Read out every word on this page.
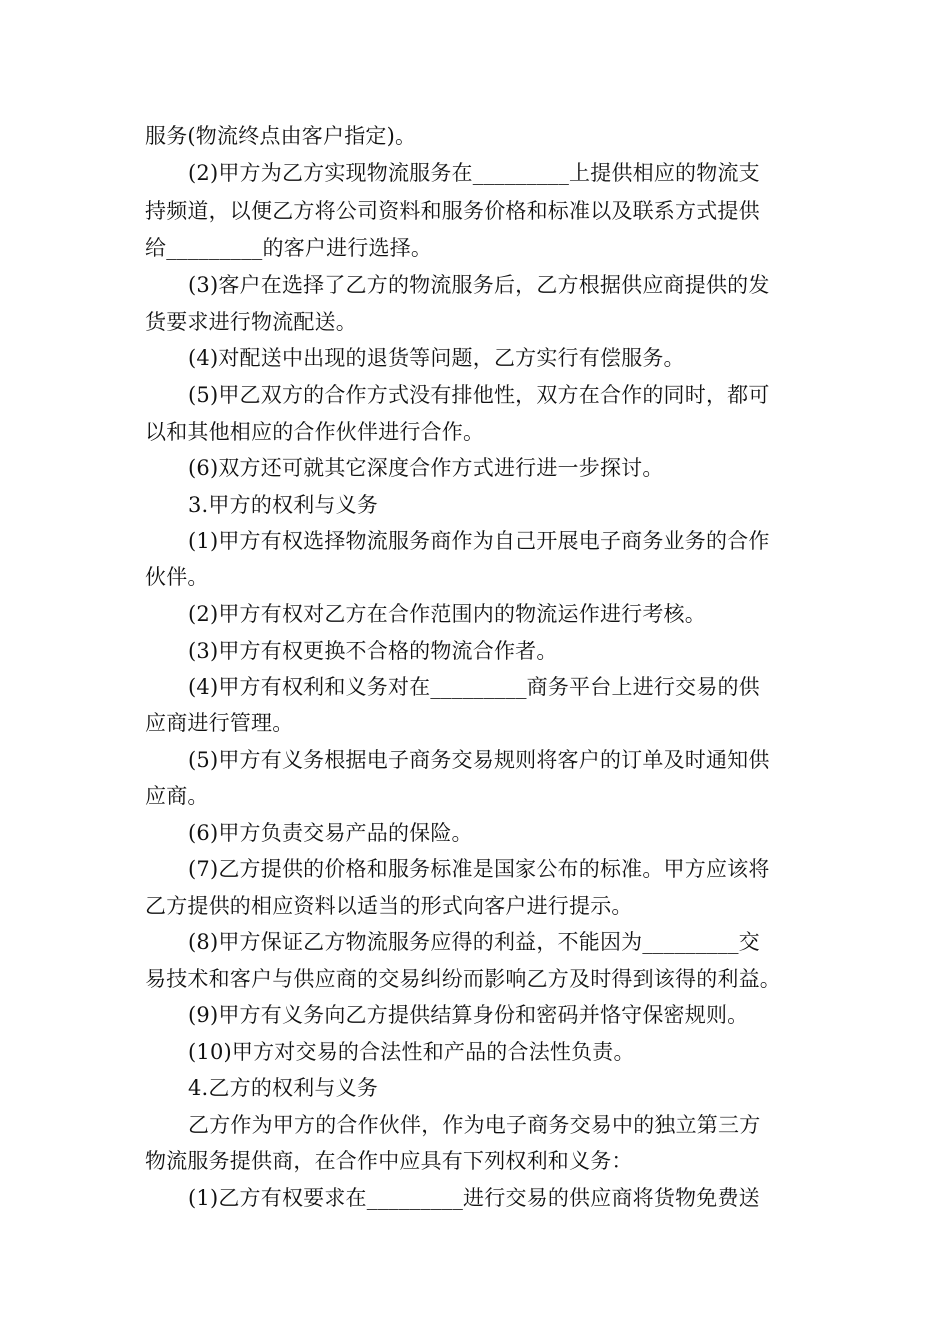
服务(物流终点由客户指定)。
(2)甲方为乙方实现物流服务在_________上提供相应的物流支
持频道，以便乙方将公司资料和服务价格和标准以及联系方式提供
给_________的客户进行选择。
(3)客户在选择了乙方的物流服务后，乙方根据供应商提供的发
货要求进行物流配送。
(4)对配送中出现的退货等问题，乙方实行有偿服务。
(5)甲乙双方的合作方式没有排他性，双方在合作的同时，都可
以和其他相应的合作伙伴进行合作。
(6)双方还可就其它深度合作方式进行进一步探讨。
3.甲方的权利与义务
(1)甲方有权选择物流服务商作为自己开展电子商务业务的合作
伙伴。
(2)甲方有权对乙方在合作范围内的物流运作进行考核。
(3)甲方有权更换不合格的物流合作者。
(4)甲方有权利和义务对在_________商务平台上进行交易的供
应商进行管理。
(5)甲方有义务根据电子商务交易规则将客户的订单及时通知供
应商。
(6)甲方负责交易产品的保险。
(7)乙方提供的价格和服务标准是国家公布的标准。甲方应该将
乙方提供的相应资料以适当的形式向客户进行提示。
(8)甲方保证乙方物流服务应得的利益，不能因为_________交
易技术和客户与供应商的交易纠纷而影响乙方及时得到该得的利益。
(9)甲方有义务向乙方提供结算身份和密码并恪守保密规则。
(10)甲方对交易的合法性和产品的合法性负责。
4.乙方的权利与义务
乙方作为甲方的合作伙伴，作为电子商务交易中的独立第三方
物流服务提供商，在合作中应具有下列权利和义务：
(1)乙方有权要求在_________进行交易的供应商将货物免费送
